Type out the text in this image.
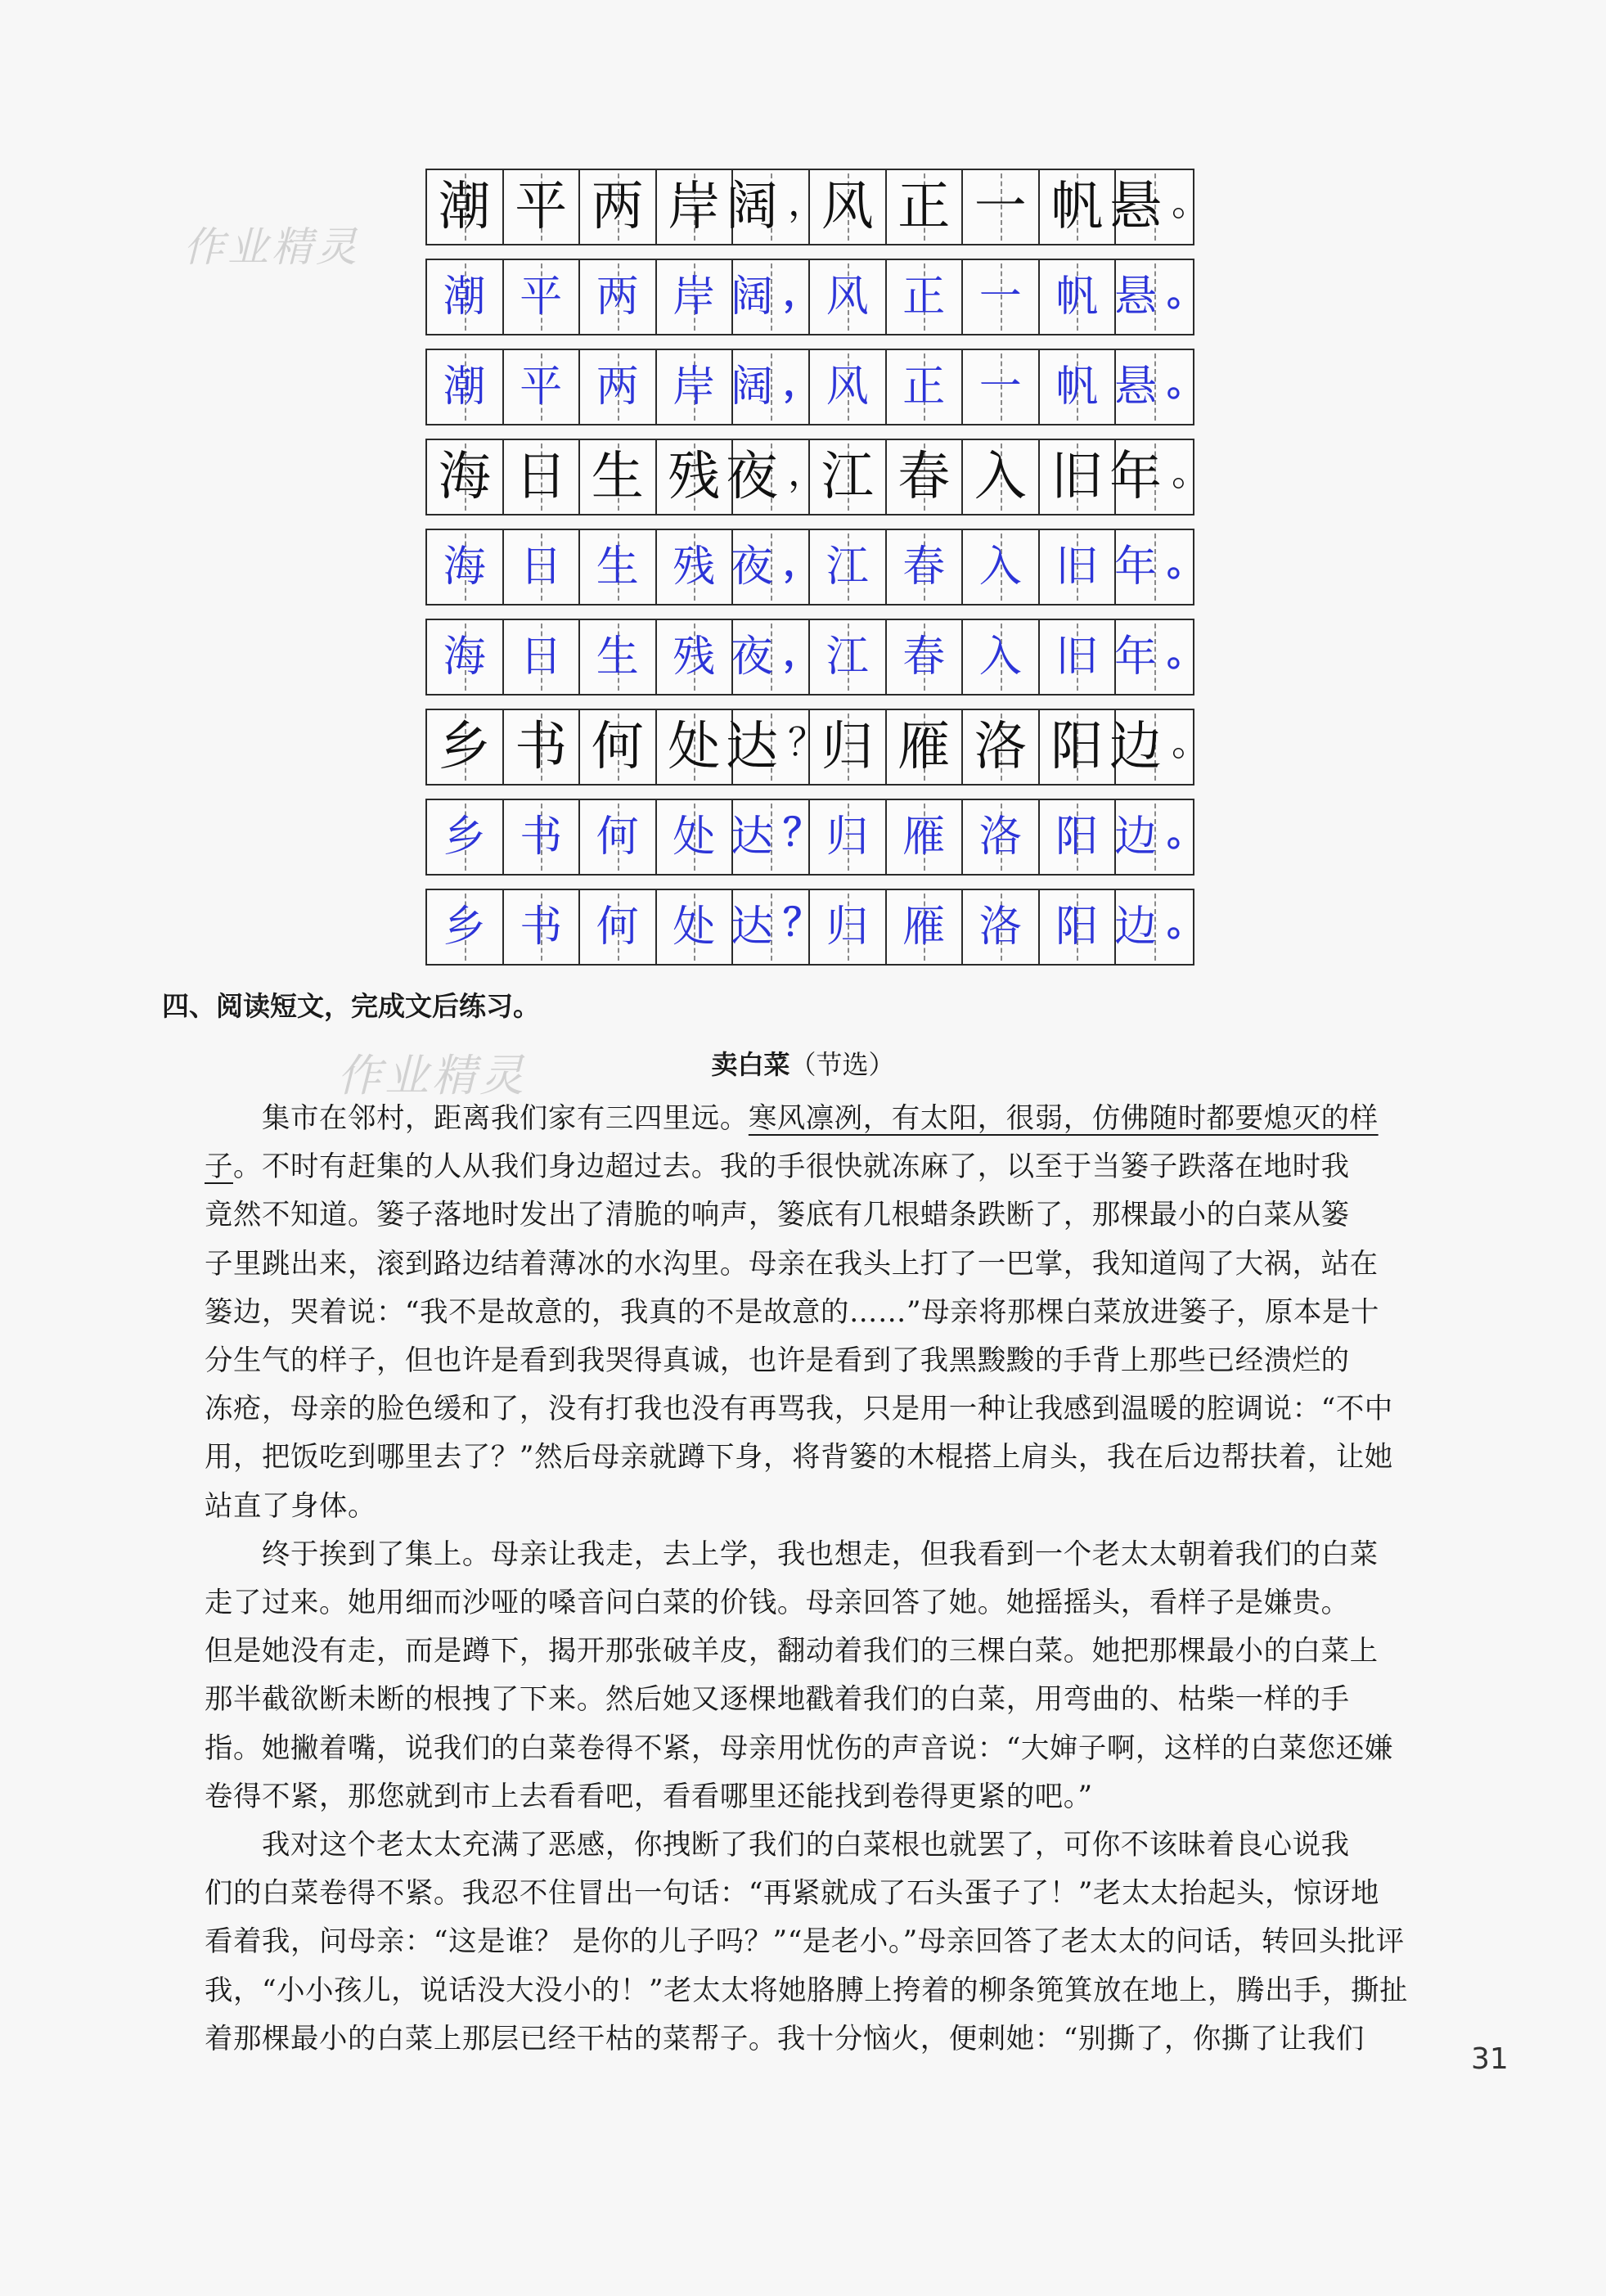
作业精灵
作业精灵
潮 平 两 岸 阔 ，
风 正 一 帆 悬 。
潮 平 两 岸 阔 ， 风 正 一 帆 悬 。
潮 平 两 岸 阔 ， 风 正 一 帆 悬 。
海 日 生 残 夜 ，
江 春 入 旧 年 。
海 日 生 残 夜 ， 江 春 入 旧 年 。
海 日 生 残 夜 ， 江 春 入 旧 年 。
乡 书 何 处 达 ？
归 雁 洛 阳 边 。
乡 书 何 处 达 ？ 归 雁 洛 阳 边 。
乡 书 何 处 达 ？ 归 雁 洛 阳 边 。
四、阅读短文，完成文后练习。
卖白菜（节选）
　　集市在邻村，距离我们家有三四里远。寒风凛冽，有太阳，很弱，仿佛随时都要熄灭的样
子。不时有赶集的人从我们身边超过去。我的手很快就冻麻了，以至于当篓子跌落在地时我
竟然不知道。篓子落地时发出了清脆的响声，篓底有几根蜡条跌断了，那棵最小的白菜从篓
子里跳出来，滚到路边结着薄冰的水沟里。母亲在我头上打了一巴掌，我知道闯了大祸，站在
篓边，哭着说：“我不是故意的，我真的不是故意的……”母亲将那棵白菜放进篓子，原本是十
分生气的样子，但也许是看到我哭得真诚，也许是看到了我黑黢黢的手背上那些已经溃烂的
冻疮，母亲的脸色缓和了，没有打我也没有再骂我，只是用一种让我感到温暖的腔调说：“不中
用，把饭吃到哪里去了？”然后母亲就蹲下身，将背篓的木棍搭上肩头，我在后边帮扶着，让她
站直了身体。
　　终于挨到了集上。母亲让我走，去上学，我也想走，但我看到一个老太太朝着我们的白菜
走了过来。她用细而沙哑的嗓音问白菜的价钱。母亲回答了她。她摇摇头，看样子是嫌贵。
但是她没有走，而是蹲下，揭开那张破羊皮，翻动着我们的三棵白菜。她把那棵最小的白菜上
那半截欲断未断的根拽了下来。然后她又逐棵地戳着我们的白菜，用弯曲的、枯柴一样的手
指。她撇着嘴，说我们的白菜卷得不紧，母亲用忧伤的声音说：“大婶子啊，这样的白菜您还嫌
卷得不紧，那您就到市上去看看吧，看看哪里还能找到卷得更紧的吧。”
　　我对这个老太太充满了恶感，你拽断了我们的白菜根也就罢了，可你不该昧着良心说我
们的白菜卷得不紧。我忍不住冒出一句话：“再紧就成了石头蛋子了！”老太太抬起头，惊讶地
看着我，问母亲：“这是谁？ 是你的儿子吗？”“是老小。”母亲回答了老太太的问话，转回头批评
我，“小小孩儿，说话没大没小的！”老太太将她胳膊上挎着的柳条篼箕放在地上，腾出手，撕扯
着那棵最小的白菜上那层已经干枯的菜帮子。我十分恼火，便刺她：“别撕了，你撕了让我们
31
